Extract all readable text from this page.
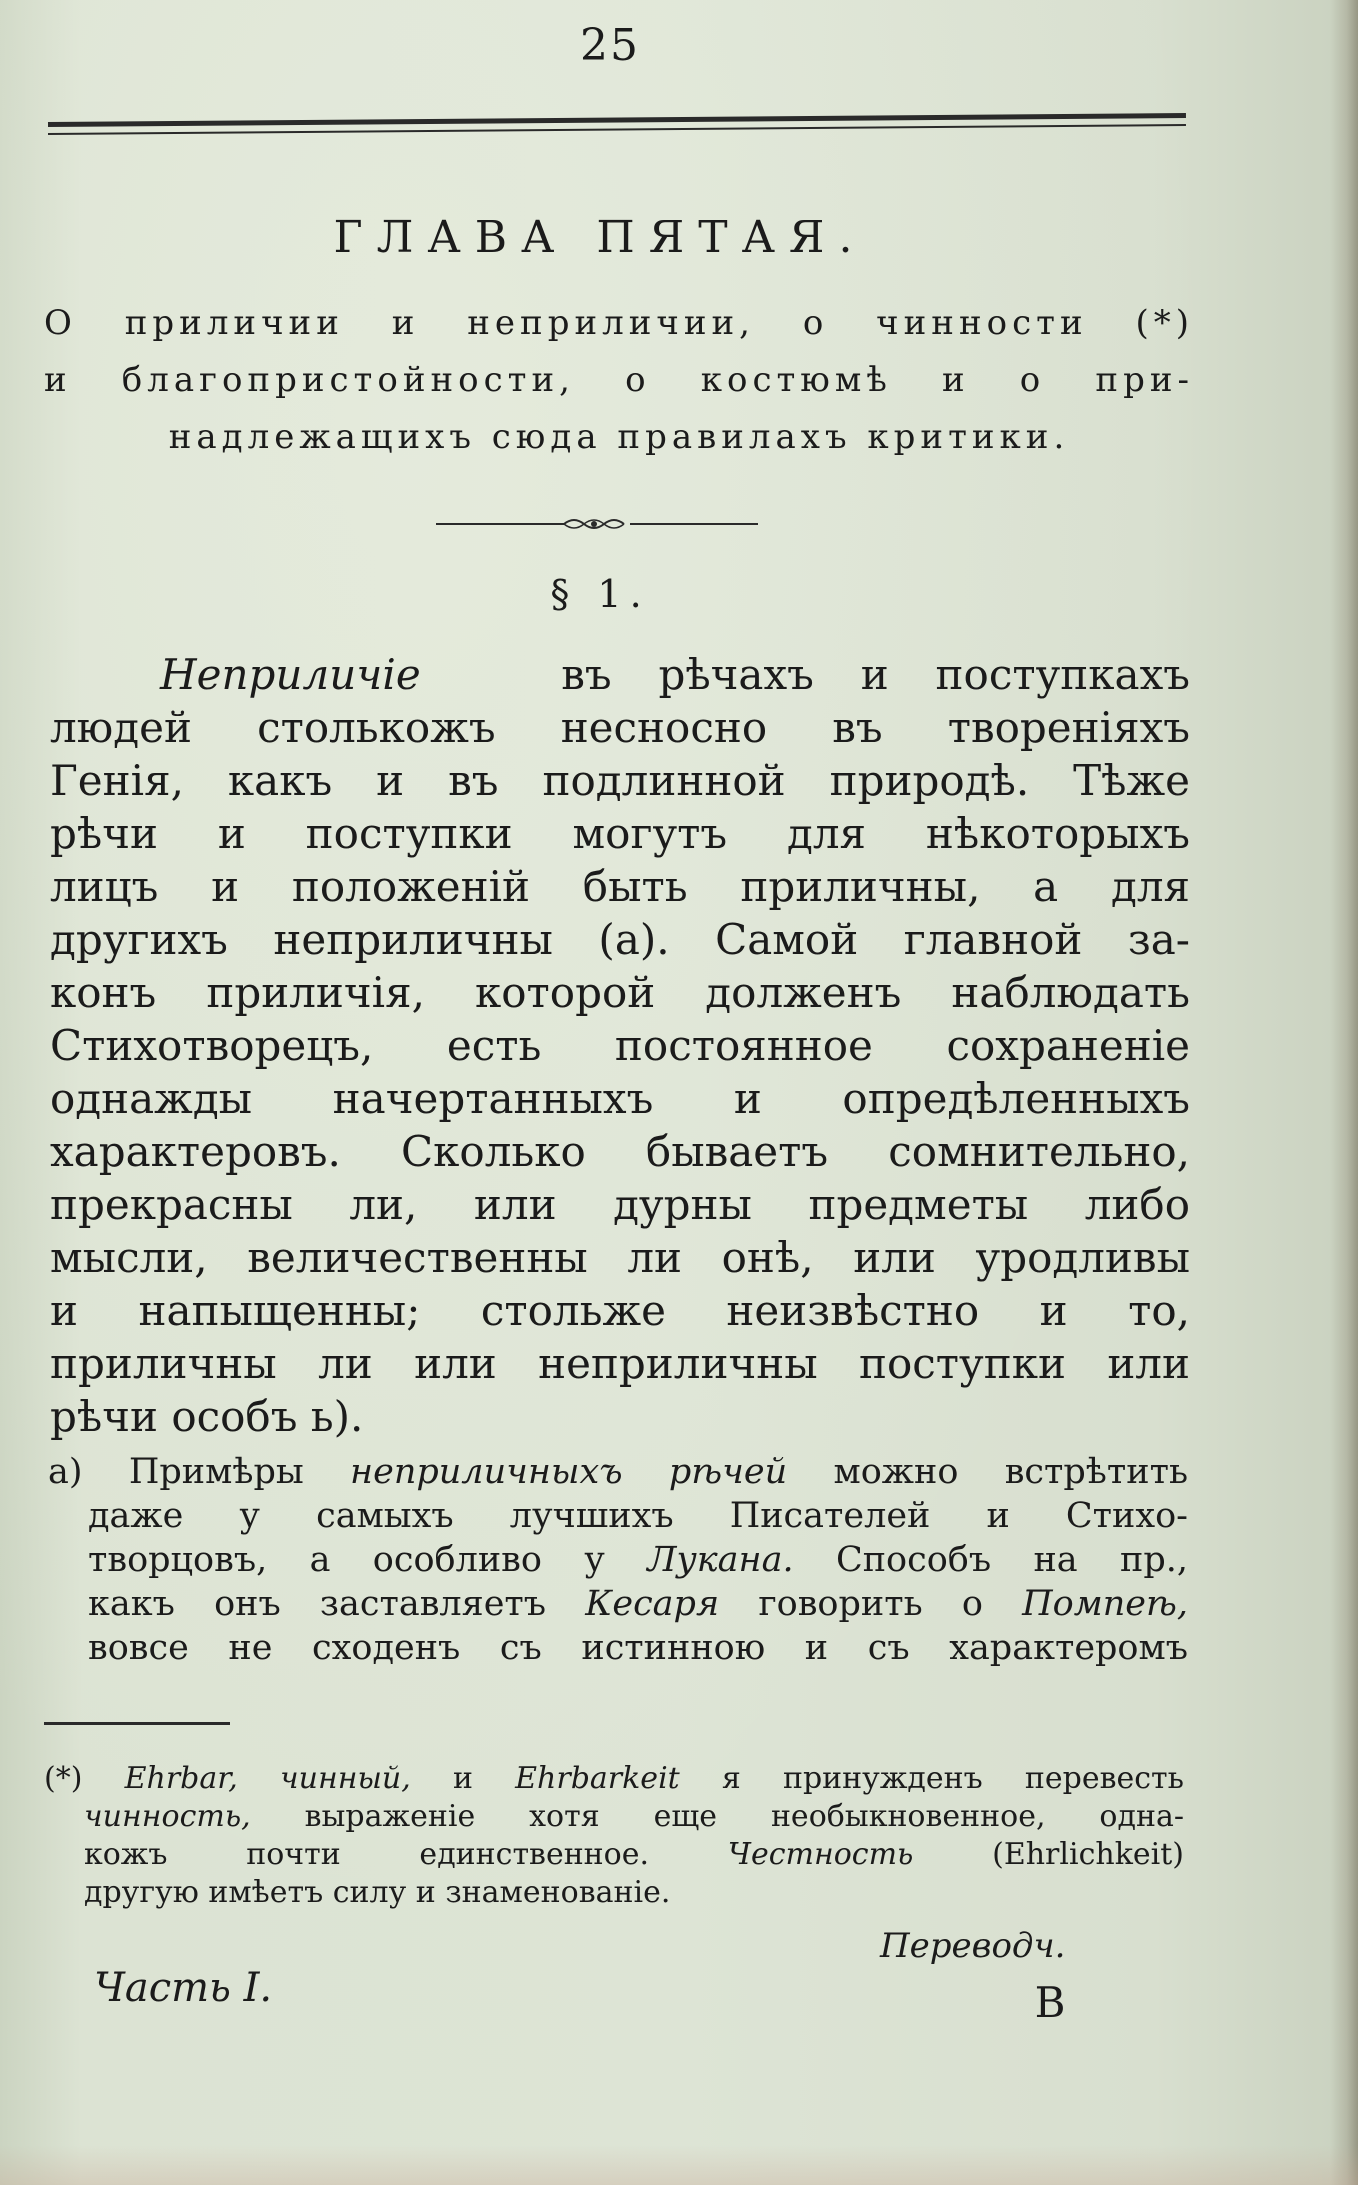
25
ГЛАВА ПЯТАЯ.
О приличии и неприличии, о чинности (*)
и благопристойности, о костюмѣ и о при-
надлежащихъ сюда правилахъ критики.
§ 1.
Неприличіе	въ рѣчахъ и поступкахъ
людей столькожъ несносно въ твореніяхъ
Генія, какъ и въ подлинной природѣ. Тѣже
рѣчи и поступки могутъ для нѣкоторыхъ
лицъ и положеній быть приличны, а для
другихъ неприличны (а). Самой главной за-
конъ приличія, которой долженъ наблюдать
Стихотворецъ, есть постоянное сохраненіе
однажды начертанныхъ и опредѣленныхъ
характеровъ. Сколько бываетъ сомнительно,
прекрасны ли, или дурны предметы либо
мысли, величественны ли онѣ, или уродливы
и напыщенны; стольже неизвѣстно и то,
приличны ли или неприличны поступки или
рѣчи особъ ь).
а) Примѣры неприличныхъ рѣчей можно встрѣтить
даже у самыхъ лучшихъ Писателей и Стихо-
творцовъ, а особливо у Лукана. Способъ на пр.,
какъ онъ заставляетъ Кесаря говорить о Помпеѣ,
вовсе не сходенъ съ истинною и съ характеромъ
(*) Ehrbar, чинный, и Ehrbarkeit я принужденъ перевесть
чинность, выраженіе хотя еще необыкновенное, одна-
кожъ почти единственное.	Честность	(Ehrlichkeit)
другую имѣетъ силу и знаменованіе.
Переводч.
Часть I.	В
